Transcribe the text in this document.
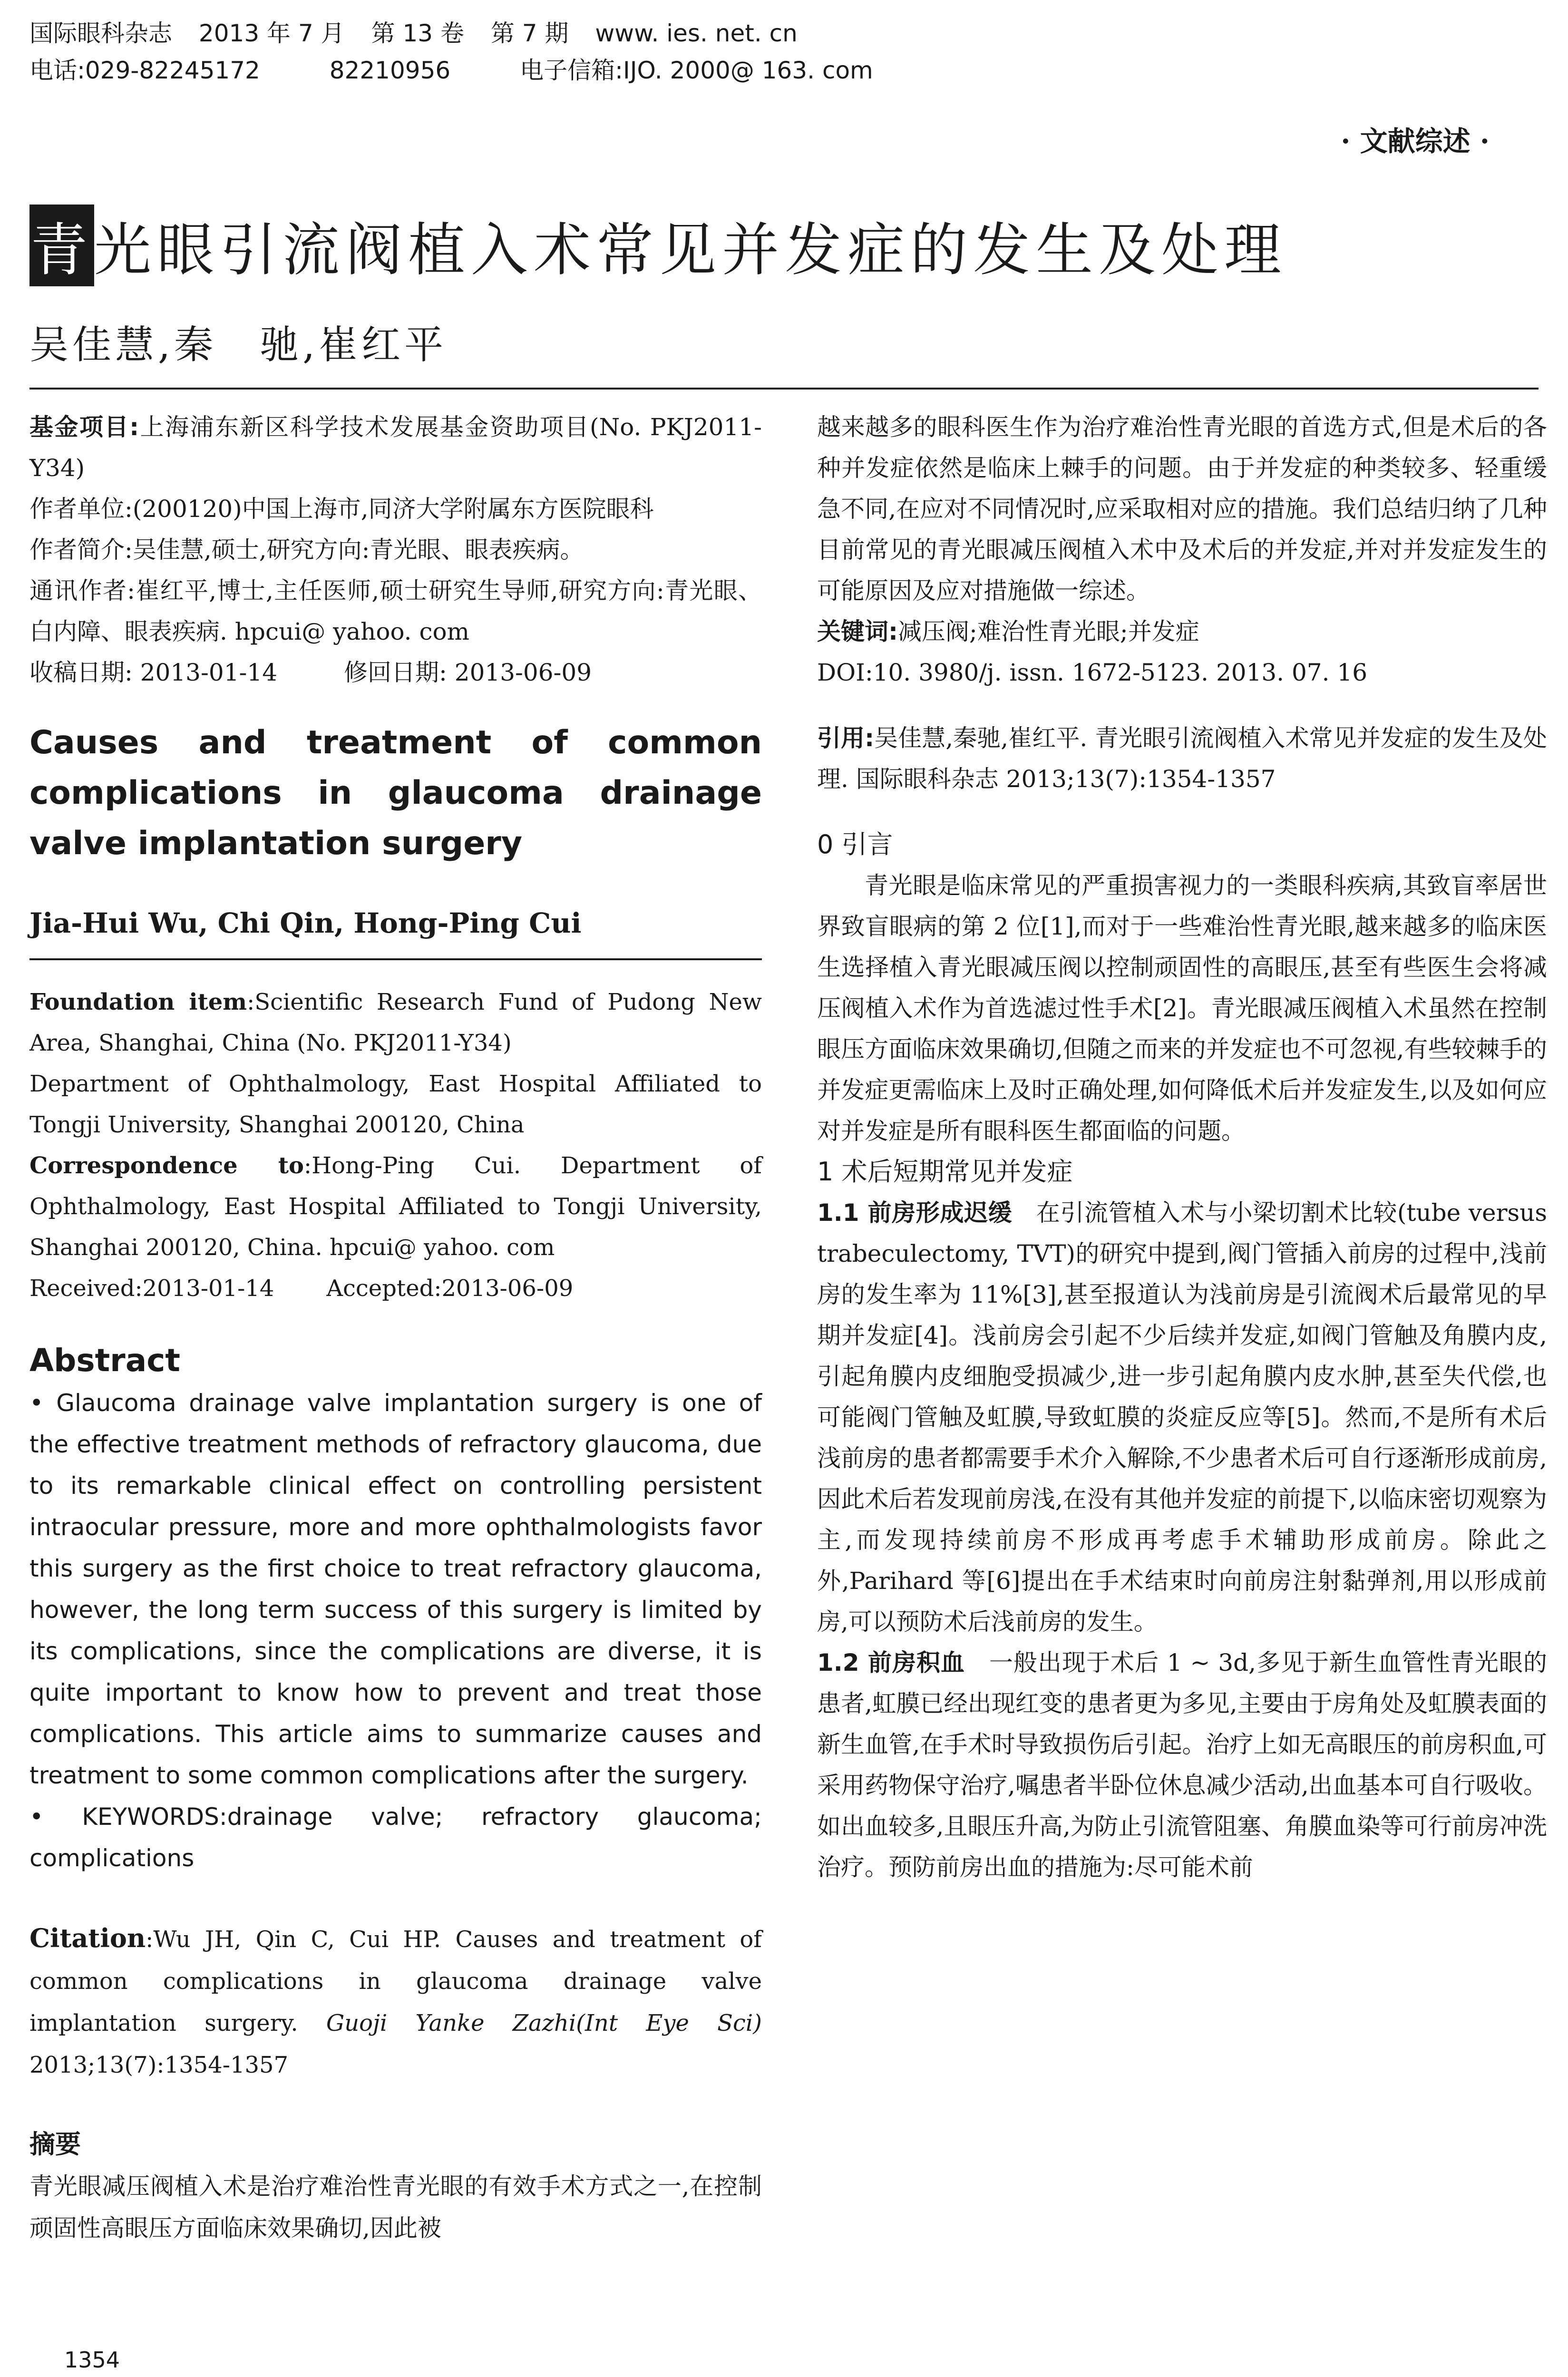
国际眼科杂志 2013 年 7 月 第 13 卷 第 7 期 www. ies. net. cn
电话:029-82245172	82210956	电子信箱:IJO. 2000@ 163. com
· 文献综述 ·
青光眼引流阀植入术常见并发症的发生及处理
吴佳慧,秦　驰,崔红平

基金项目:上海浦东新区科学技术发展基金资助项目(No. PKJ2011-Y34)

作者单位:(200120)中国上海市,同济大学附属东方医院眼科

作者简介:吴佳慧,硕士,研究方向:青光眼、眼表疾病。

通讯作者:崔红平,博士,主任医师,硕士研究生导师,研究方向:青光眼、白内障、眼表疾病. hpcui@ yahoo. com

收稿日期: 2013-01-14	修回日期: 2013-06-09

Causes and treatment of common complications in glaucoma drainage valve implantation surgery
Jia-Hui Wu, Chi Qin, Hong-Ping Cui

Foundation item:Scientific Research Fund of Pudong New Area, Shanghai, China (No. PKJ2011-Y34)

Department of Ophthalmology, East Hospital Affiliated to Tongji University, Shanghai 200120, China

Correspondence to:Hong-Ping Cui. Department of Ophthalmology, East Hospital Affiliated to Tongji University, Shanghai 200120, China. hpcui@ yahoo. com

Received:2013-01-14 Accepted:2013-06-09

Abstract

• Glaucoma drainage valve implantation surgery is one of the effective treatment methods of refractory glaucoma, due to its remarkable clinical effect on controlling persistent intraocular pressure, more and more ophthalmologists favor this surgery as the first choice to treat refractory glaucoma, however, the long term success of this surgery is limited by its complications, since the complications are diverse, it is quite important to know how to prevent and treat those complications. This article aims to summarize causes and treatment to some common complications after the surgery.

• KEYWORDS:drainage valve; refractory glaucoma; complications

Citation:Wu JH, Qin C, Cui HP. Causes and treatment of common complications in glaucoma drainage valve implantation surgery. Guoji Yanke Zazhi(Int Eye Sci) 2013;13(7):1354-1357

摘要

青光眼减压阀植入术是治疗难治性青光眼的有效手术方式之一,在控制顽固性高眼压方面临床效果确切,因此被

越来越多的眼科医生作为治疗难治性青光眼的首选方式,但是术后的各种并发症依然是临床上棘手的问题。由于并发症的种类较多、轻重缓急不同,在应对不同情况时,应采取相对应的措施。我们总结归纳了几种目前常见的青光眼减压阀植入术中及术后的并发症,并对并发症发生的可能原因及应对措施做一综述。

关键词:减压阀;难治性青光眼;并发症

DOI:10. 3980/j. issn. 1672-5123. 2013. 07. 16

引用:吴佳慧,秦驰,崔红平. 青光眼引流阀植入术常见并发症的发生及处理. 国际眼科杂志 2013;13(7):1354-1357

0 引言

青光眼是临床常见的严重损害视力的一类眼科疾病,其致盲率居世界致盲眼病的第 2 位[1],而对于一些难治性青光眼,越来越多的临床医生选择植入青光眼减压阀以控制顽固性的高眼压,甚至有些医生会将减压阀植入术作为首选滤过性手术[2]。青光眼减压阀植入术虽然在控制眼压方面临床效果确切,但随之而来的并发症也不可忽视,有些较棘手的并发症更需临床上及时正确处理,如何降低术后并发症发生,以及如何应对并发症是所有眼科医生都面临的问题。

1 术后短期常见并发症

1.1 前房形成迟缓 在引流管植入术与小梁切割术比较(tube versus trabeculectomy, TVT)的研究中提到,阀门管插入前房的过程中,浅前房的发生率为 11%[3],甚至报道认为浅前房是引流阀术后最常见的早期并发症[4]。浅前房会引起不少后续并发症,如阀门管触及角膜内皮,引起角膜内皮细胞受损减少,进一步引起角膜内皮水肿,甚至失代偿,也可能阀门管触及虹膜,导致虹膜的炎症反应等[5]。然而,不是所有术后浅前房的患者都需要手术介入解除,不少患者术后可自行逐渐形成前房,因此术后若发现前房浅,在没有其他并发症的前提下,以临床密切观察为主,而发现持续前房不形成再考虑手术辅助形成前房。除此之外,Parihard 等[6]提出在手术结束时向前房注射黏弹剂,用以形成前房,可以预防术后浅前房的发生。

1.2 前房积血 一般出现于术后 1 ~ 3d,多见于新生血管性青光眼的患者,虹膜已经出现红变的患者更为多见,主要由于房角处及虹膜表面的新生血管,在手术时导致损伤后引起。治疗上如无高眼压的前房积血,可采用药物保守治疗,嘱患者半卧位休息减少活动,出血基本可自行吸收。如出血较多,且眼压升高,为防止引流管阻塞、角膜血染等可行前房冲洗治疗。预防前房出血的措施为:尽可能术前

1354
